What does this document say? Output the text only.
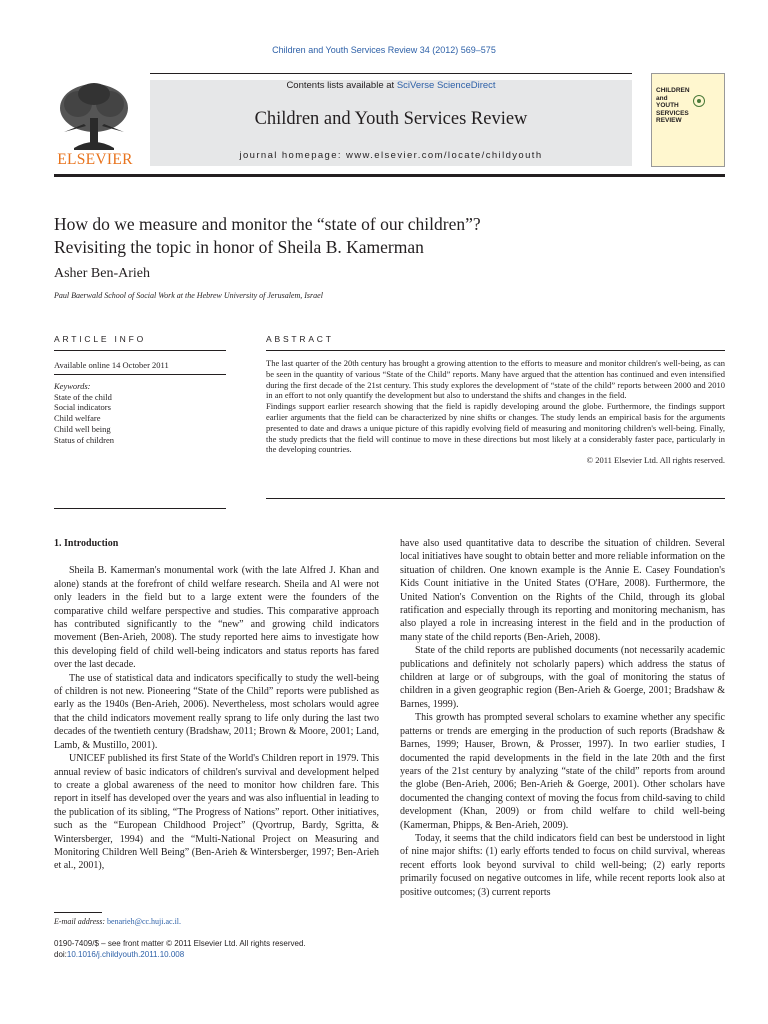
Children and Youth Services Review 34 (2012) 569–575
ELSEVIER
Contents lists available at SciVerse ScienceDirect
Children and Youth Services Review
journal homepage: www.elsevier.com/locate/childyouth
CHILDREN
and
YOUTH
SERVICES
REVIEW
How do we measure and monitor the “state of our children”?
Revisiting the topic in honor of Sheila B. Kamerman
Asher Ben-Arieh
Paul Baerwald School of Social Work at the Hebrew University of Jerusalem, Israel
ARTICLE INFO	ABSTRACT
Available online 14 October 2011
Keywords:
State of the child
Social indicators
Child welfare
Child well being
Status of children

The last quarter of the 20th century has brought a growing attention to the efforts to measure and monitor children's well-being, as can be seen in the quantity of various “State of the Child” reports. Many have argued that the attention has continued and even intensified during the first decade of the 21st century. This study explores the development of “state of the child” reports between 2000 and 2010 in an effort to not only quantify the development but also to understand the shifts and changes in the field.

Findings support earlier research showing that the field is rapidly developing around the globe. Furthermore, the findings support earlier arguments that the field can be characterized by nine shifts or changes. The study lends an empirical basis for the arguments presented to date and draws a unique picture of this rapidly evolving field of measuring and monitoring children's well-being. Finally, the study predicts that the field will continue to move in these directions but most likely at a considerably faster pace, particularly in the developing countries.

© 2011 Elsevier Ltd. All rights reserved.

1. Introduction

Sheila B. Kamerman's monumental work (with the late Alfred J. Khan and alone) stands at the forefront of child welfare research. Sheila and Al were not only leaders in the field but to a large extent were the founders of the comparative child welfare perspective and studies. This comparative approach has contributed significantly to the “new” and growing child indicators movement (Ben-Arieh, 2008). The study reported here aims to investigate how this developing field of child well-being indicators and status reports has fared over the last decade.

The use of statistical data and indicators specifically to study the well-being of children is not new. Pioneering “State of the Child” reports were published as early as the 1940s (Ben-Arieh, 2006). Nevertheless, most scholars would agree that the child indicators movement really sprang to life only during the last two decades of the twentieth century (Bradshaw, 2011; Brown & Moore, 2001; Land, Lamb, & Mustillo, 2001).

UNICEF published its first State of the World's Children report in 1979. This annual review of basic indicators of children's survival and development helped to create a global awareness of the need to monitor how children fare. This report in itself has developed over the years and was also influential in leading to the publication of its sibling, “The Progress of Nations” report. Other initiatives, such as the “European Childhood Project” (Qvortrup, Bardy, Sgritta, & Wintersberger, 1994) and the “Multi-National Project on Measuring and Monitoring Children Well Being” (Ben-Arieh & Wintersberger, 1997; Ben-Arieh et al., 2001),

have also used quantitative data to describe the situation of children. Several local initiatives have sought to obtain better and more reliable information on the situation of children. One known example is the Annie E. Casey Foundation's Kids Count initiative in the United States (O'Hare, 2008). Furthermore, the United Nation's Convention on the Rights of the Child, through its global ratification and especially through its reporting and monitoring mechanism, has also played a role in increasing interest in the field and in the production of many state of the child reports (Ben-Arieh, 2008).

State of the child reports are published documents (not necessarily academic publications and definitely not scholarly papers) which address the status of children at large or of subgroups, with the goal of monitoring the status of children in a given geographic region (Ben-Arieh & Goerge, 2001; Bradshaw & Barnes, 1999).

This growth has prompted several scholars to examine whether any specific patterns or trends are emerging in the production of such reports (Bradshaw & Barnes, 1999; Hauser, Brown, & Prosser, 1997). In two earlier studies, I documented the rapid developments in the field in the late 20th and the first years of the 21st century by analyzing “state of the child” reports from around the globe (Ben-Arieh, 2006; Ben-Arieh & Goerge, 2001). Other scholars have documented the changing context of moving the focus from child-saving to child development (Khan, 2009) or from child welfare to child well-being (Kamerman, Phipps, & Ben-Arieh, 2009).

Today, it seems that the child indicators field can best be understood in light of nine major shifts: (1) early efforts tended to focus on child survival, whereas recent efforts look beyond survival to child well-being; (2) early reports primarily focused on negative outcomes in life, while recent reports look also at positive outcomes; (3) current reports

E-mail address: benarieh@cc.huji.ac.il.
0190-7409/$ – see front matter © 2011 Elsevier Ltd. All rights reserved.
doi:10.1016/j.childyouth.2011.10.008
